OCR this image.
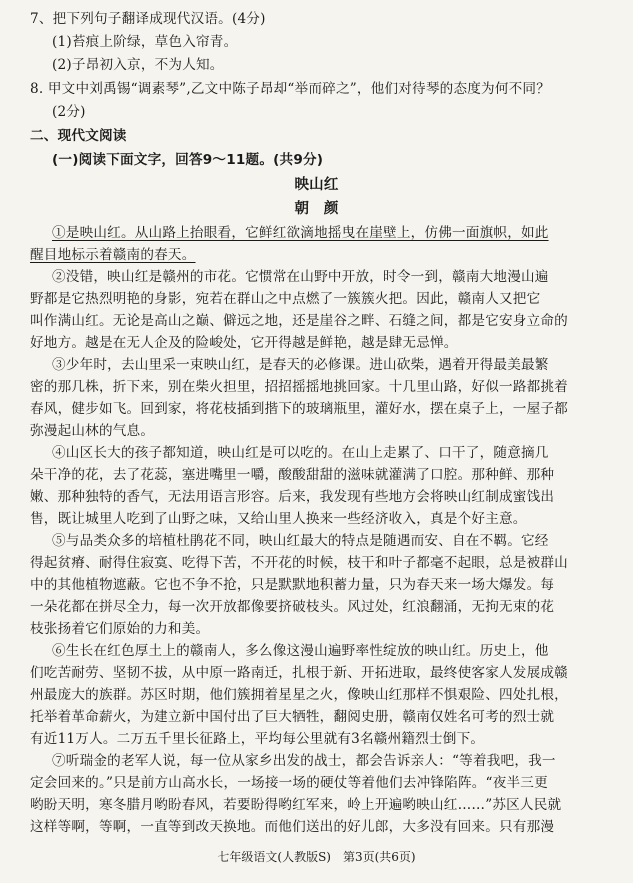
7、把下列句子翻译成现代汉语。(4分)
(1)苔痕上阶绿，草色入帘青。
(2)子昂初入京，不为人知。
8. 甲文中刘禹锡“调素琴”,乙文中陈子昂却“举而碎之”，他们对待琴的态度为何不同？
(2分)
二、现代文阅读
(一)阅读下面文字，回答9～11题。(共9分)
映山红
朝　颜
①是映山红。从山路上抬眼看，它鲜红欲滴地摇曳在崖壁上，仿佛一面旗帜，如此
醒目地标示着赣南的春天。
②没错，映山红是赣州的市花。它惯常在山野中开放，时令一到，赣南大地漫山遍
野都是它热烈明艳的身影，宛若在群山之中点燃了一簇簇火把。因此，赣南人又把它
叫作满山红。无论是高山之巅、僻远之地，还是崖谷之畔、石缝之间，都是它安身立命的
好地方。越是在无人企及的险峻处，它开得越是鲜艳，越是肆无忌惮。
③少年时，去山里采一束映山红，是春天的必修课。进山砍柴，遇着开得最美最繁
密的那几株，折下来，别在柴火担里，招招摇摇地挑回家。十几里山路，好似一路都挑着
春风，健步如飞。回到家，将花枝插到揩下的玻璃瓶里，灌好水，摆在桌子上，一屋子都
弥漫起山林的气息。
④山区长大的孩子都知道，映山红是可以吃的。在山上走累了、口干了，随意摘几
朵干净的花，去了花蕊，塞进嘴里一嚼，酸酸甜甜的滋味就灌满了口腔。那种鲜、那种
嫩、那种独特的香气，无法用语言形容。后来，我发现有些地方会将映山红制成蜜饯出
售，既让城里人吃到了山野之味，又给山里人换来一些经济收入，真是个好主意。
⑤与品类众多的培植杜鹃花不同，映山红最大的特点是随遇而安、自在不羁。它经
得起贫瘠、耐得住寂寞、吃得下苦，不开花的时候，枝干和叶子都毫不起眼，总是被群山
中的其他植物遮蔽。它也不争不抢，只是默默地积蓄力量，只为春天来一场大爆发。每
一朵花都在拼尽全力，每一次开放都像要挤破枝头。风过处，红浪翻涌，无拘无束的花
枝张扬着它们原始的力和美。
⑥生长在红色厚土上的赣南人，多么像这漫山遍野率性绽放的映山红。历史上，他
们吃苦耐劳、坚韧不拔，从中原一路南迁，扎根于新、开拓进取，最终使客家人发展成赣
州最庞大的族群。苏区时期，他们簇拥着星星之火，像映山红那样不惧艰险、四处扎根，
托举着革命薪火，为建立新中国付出了巨大牺牲，翻阅史册，赣南仅姓名可考的烈士就
有近11万人。二万五千里长征路上，平均每公里就有3名赣州籍烈士倒下。
⑦听瑞金的老军人说，每一位从家乡出发的战士，都会告诉亲人：“等着我吧，我一
定会回来的。”只是前方山高水长，一场接一场的硬仗等着他们去冲锋陷阵。“夜半三更
哟盼天明，寒冬腊月哟盼春风，若要盼得哟红军来，岭上开遍哟映山红……”苏区人民就
这样等啊，等啊，一直等到改天换地。而他们送出的好儿郎，大多没有回来。只有那漫
七年级语文(人教版S)　第3页(共6页)
